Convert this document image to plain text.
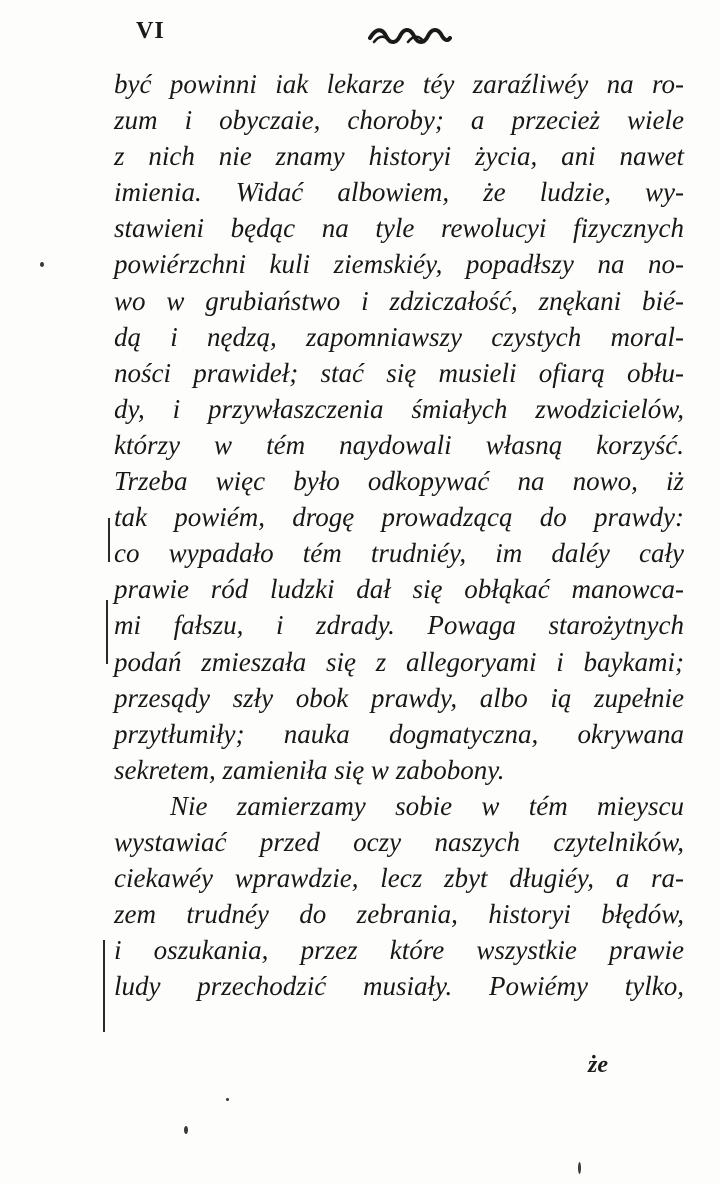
VI
być powinni iak lekarze téy zaraźliwéy na ro-
zum i obyczaie, choroby; a przecież wiele
z nich nie znamy historyi życia, ani nawet
imienia. Widać albowiem, że ludzie, wy-
stawieni będąc na tyle rewolucyi fizycznych
powiérzchni kuli ziemskiéy, popadłszy na no-
wo w grubiaństwo i zdziczałość, znękani bié-
dą i nędzą, zapomniawszy czystych moral-
ności prawideł; stać się musieli ofiarą obłu-
dy, i przywłaszczenia śmiałych zwodzicielów,
którzy w tém naydowali własną korzyść.
Trzeba więc było odkopywać na nowo, iż
tak powiém, drogę prowadzącą do prawdy:
co wypadało tém trudniéy, im daléy cały
prawie ród ludzki dał się obłąkać manowca-
mi fałszu, i zdrady. Powaga starożytnych
podań zmieszała się z allegoryami i baykami;
przesądy szły obok prawdy, albo ią zupełnie
przytłumiły; nauka dogmatyczna, okrywana
sekretem, zamieniła się w zabobony.
Nie zamierzamy sobie w tém mieyscu
wystawiać przed oczy naszych czytelników,
ciekawéy wprawdzie, lecz zbyt długiéy, a ra-
zem trudnéy do zebrania, historyi błędów,
i oszukania, przez które wszystkie prawie
ludy przechodzić musiały. Powiémy tylko,
że
